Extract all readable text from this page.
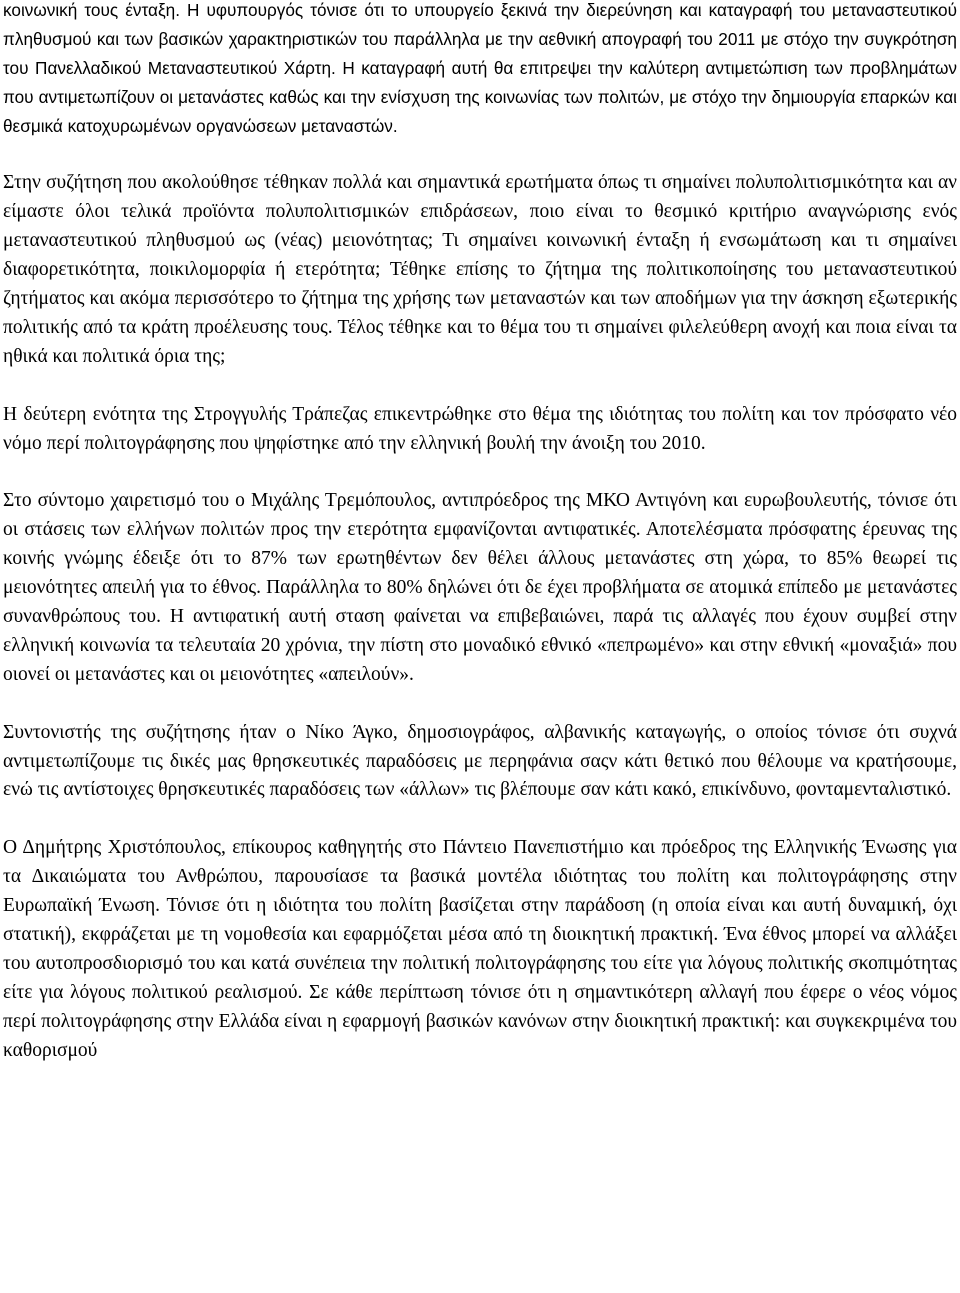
κοινωνική τους ένταξη. Η υφυπουργός τόνισε ότι το υπουργείο ξεκινά την διερεύνηση και καταγραφή του μεταναστευτικού πληθυσμού και των βασικών χαρακτηριστικών του παράλληλα με την αεθνική απογραφή του 2011 με στόχο την συγκρότηση του Πανελλαδικού Μεταναστευτικού Χάρτη. Η καταγραφή αυτή θα επιτρεψει την καλύτερη αντιμετώπιση των προβλημάτων που αντιμετωπίζουν οι μετανάστες καθώς και την ενίσχυση της κοινωνίας των πολιτών, με στόχο την δημιουργία επαρκών και θεσμικά κατοχυρωμένων οργανώσεων μεταναστών.

Στην συζήτηση που ακολούθησε τέθηκαν πολλά και σημαντικά ερωτήματα όπως τι σημαίνει πολυπολιτισμικότητα και αν είμαστε όλοι τελικά προϊόντα πολυπολιτισμικών επιδράσεων, ποιο είναι το θεσμικό κριτήριο αναγνώρισης ενός μεταναστευτικού πληθυσμού ως (νέας) μειονότητας; Τι σημαίνει κοινωνική ένταξη ή ενσωμάτωση και τι σημαίνει διαφορετικότητα, ποικιλομορφία ή ετερότητα; Τέθηκε επίσης το ζήτημα της πολιτικοποίησης του μεταναστευτικού ζητήματος και ακόμα περισσότερο το ζήτημα της χρήσης των μεταναστών και των αποδήμων για την άσκηση εξωτερικής πολιτικής από τα κράτη προέλευσης τους. Τέλος τέθηκε και το θέμα του τι σημαίνει φιλελεύθερη ανοχή και ποια είναι τα ηθικά και πολιτικά όρια της;

Η δεύτερη ενότητα της Στρογγυλής Τράπεζας επικεντρώθηκε στο θέμα της ιδιότητας του πολίτη και τον πρόσφατο νέο νόμο περί πολιτογράφησης που ψηφίστηκε από την ελληνική βουλή την άνοιξη του 2010.

Στο σύντομο χαιρετισμό του ο Μιχάλης Τρεμόπουλος, αντιπρόεδρος της ΜΚΟ Αντιγόνη και ευρωβουλευτής, τόνισε ότι οι στάσεις των ελλήνων πολιτών προς την ετερότητα εμφανίζονται αντιφατικές. Αποτελέσματα πρόσφατης έρευνας της κοινής γνώμης έδειξε ότι το 87% των ερωτηθέντων δεν θέλει άλλους μετανάστες στη χώρα, το 85% θεωρεί τις μειονότητες απειλή για το έθνος. Παράλληλα το 80% δηλώνει ότι δε έχει προβλήματα σε ατομικά επίπεδο με μετανάστες συνανθρώπους του. Η αντιφατική αυτή σταση φαίνεται να επιβεβαιώνει, παρά τις αλλαγές που έχουν συμβεί στην ελληνική κοινωνία τα τελευταία 20 χρόνια, την πίστη στο μοναδικό εθνικό «πεπρωμένο» και στην εθνική «μοναξιά» που οιονεί οι μετανάστες και οι μειονότητες «απειλούν».

Συντονιστής της συζήτησης ήταν ο Νίκο Άγκο, δημοσιογράφος, αλβανικής καταγωγής, ο οποίος τόνισε ότι συχνά αντιμετωπίζουμε τις δικές μας θρησκευτικές παραδόσεις με περηφάνια σαςν κάτι θετικό που θέλουμε να κρατήσουμε, ενώ τις αντίστοιχες θρησκευτικές παραδόσεις των «άλλων» τις βλέπουμε σαν κάτι κακό, επικίνδυνο, φονταμενταλιστικό.

Ο Δημήτρης Χριστόπουλος, επίκουρος καθηγητής στο Πάντειο Πανεπιστήμιο και πρόεδρος της Ελληνικής Ένωσης για τα Δικαιώματα του Ανθρώπου, παρουσίασε τα βασικά μοντέλα ιδιότητας του πολίτη και πολιτογράφησης στην Ευρωπαϊκή Ένωση. Τόνισε ότι η ιδιότητα του πολίτη βασίζεται στην παράδοση (η οποία είναι και αυτή δυναμική, όχι στατική), εκφράζεται με τη νομοθεσία και εφαρμόζεται μέσα από τη διοικητική πρακτική. Ένα έθνος μπορεί να αλλάξει του αυτοπροσδιορισμό του και κατά συνέπεια την πολιτική πολιτογράφησης του είτε για λόγους πολιτικής σκοπιμότητας είτε για λόγους πολιτικού ρεαλισμού. Σε κάθε περίπτωση τόνισε ότι η σημαντικότερη αλλαγή που έφερε ο νέος νόμος περί πολιτογράφησης στην Ελλάδα είναι η εφαρμογή βασικών κανόνων στην διοικητική πρακτική: και συγκεκριμένα του καθορισμού
